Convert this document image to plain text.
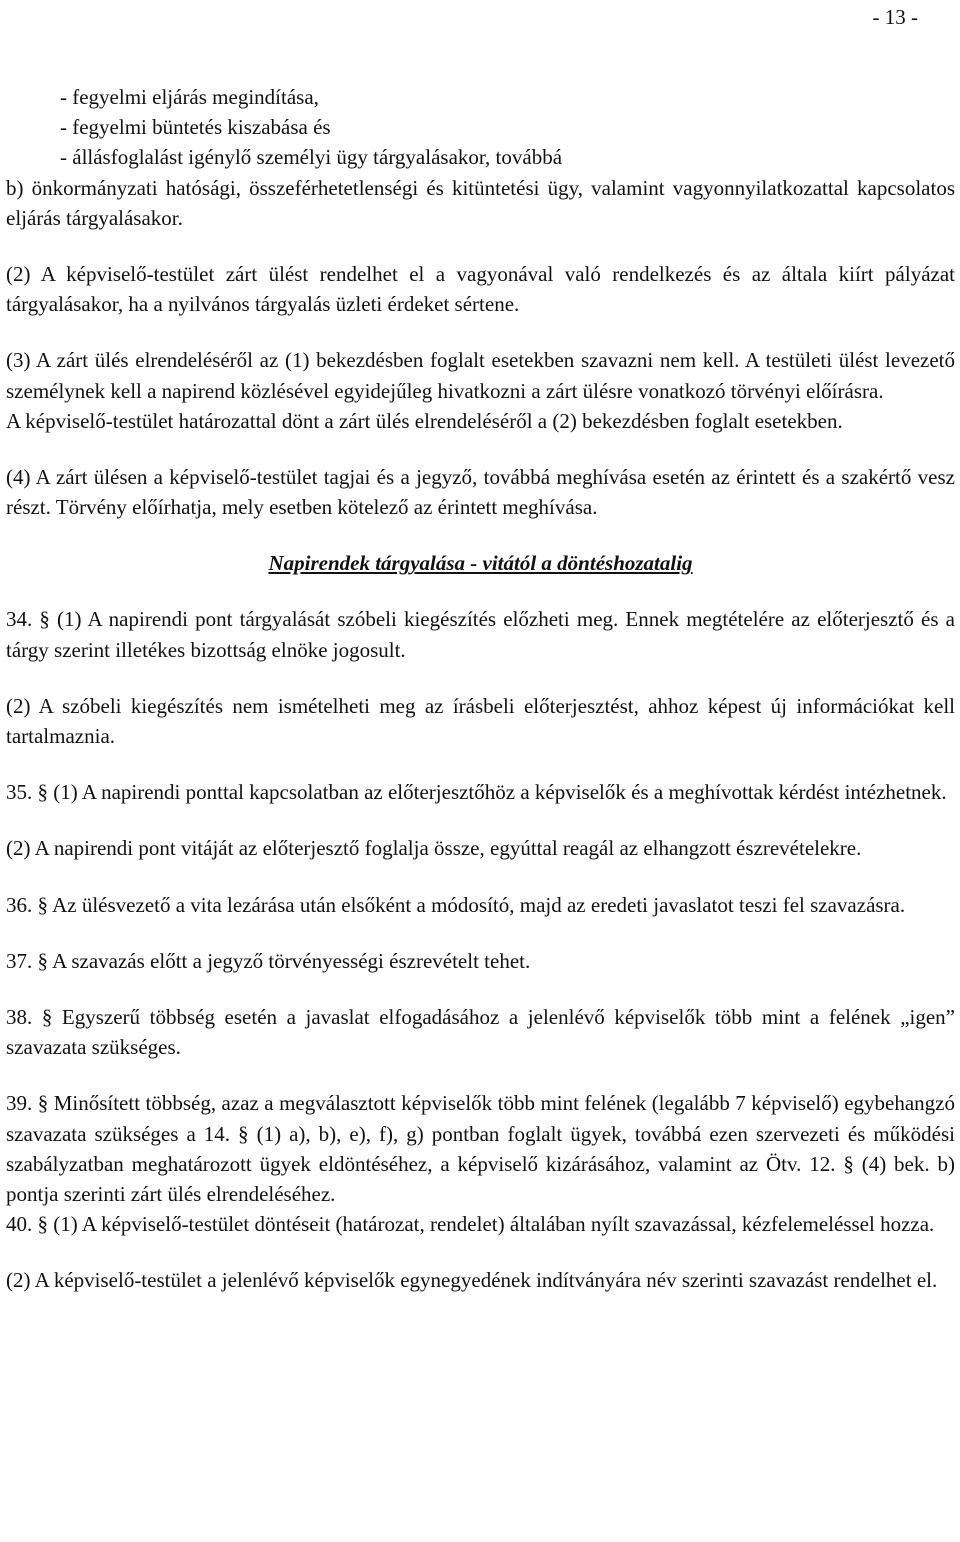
- 13 -

- fegyelmi eljárás megindítása,

- fegyelmi büntetés kiszabása és

- állásfoglalást igénylő személyi ügy tárgyalásakor, továbbá

b) önkormányzati hatósági, összeférhetetlenségi és kitüntetési ügy, valamint vagyonnyilatkozattal kapcsolatos eljárás tárgyalásakor.

(2) A képviselő-testület zárt ülést rendelhet el a vagyonával való rendelkezés és az általa kiírt pályázat tárgyalásakor, ha a nyilvános tárgyalás üzleti érdeket sértene.

(3) A zárt ülés elrendeléséről az (1) bekezdésben foglalt esetekben szavazni nem kell. A testületi ülést levezető személynek kell a napirend közlésével egyidejűleg hivatkozni a zárt ülésre vonatkozó törvényi előírásra.

A képviselő-testület határozattal dönt a zárt ülés elrendeléséről a (2) bekezdésben foglalt esetekben.

(4) A zárt ülésen a képviselő-testület tagjai és a jegyző, továbbá meghívása esetén az érintett és a szakértő vesz részt. Törvény előírhatja, mely esetben kötelező az érintett meghívása.

Napirendek tárgyalása - vitától a döntéshozatalig

34. § (1) A napirendi pont tárgyalását szóbeli kiegészítés előzheti meg. Ennek megtételére az előterjesztő és a tárgy szerint illetékes bizottság elnöke jogosult.

(2) A szóbeli kiegészítés nem ismételheti meg az írásbeli előterjesztést, ahhoz képest új információkat kell tartalmaznia.

35. § (1) A napirendi ponttal kapcsolatban az előterjesztőhöz a képviselők és a meghívottak kérdést intézhetnek.

(2) A napirendi pont vitáját az előterjesztő foglalja össze, egyúttal reagál az elhangzott észrevételekre.

36. § Az ülésvezető a vita lezárása után elsőként a módosító, majd az eredeti javaslatot teszi fel szavazásra.

37. § A szavazás előtt a jegyző törvényességi észrevételt tehet.

38. § Egyszerű többség esetén a javaslat elfogadásához a jelenlévő képviselők több mint a felének „igen” szavazata szükséges.

39. § Minősített többség, azaz a megválasztott képviselők több mint felének (legalább 7 képviselő) egybehangzó szavazata szükséges a 14. § (1) a), b), e), f), g) pontban foglalt ügyek, továbbá ezen szervezeti és működési szabályzatban meghatározott ügyek eldöntéséhez, a képviselő kizárásához, valamint az Ötv. 12. § (4) bek. b) pontja szerinti zárt ülés elrendeléséhez.

40. § (1) A képviselő-testület döntéseit (határozat, rendelet) általában nyílt szavazással, kézfelemeléssel hozza.

(2) A képviselő-testület a jelenlévő képviselők egynegyedének indítványára név szerinti szavazást rendelhet el.
